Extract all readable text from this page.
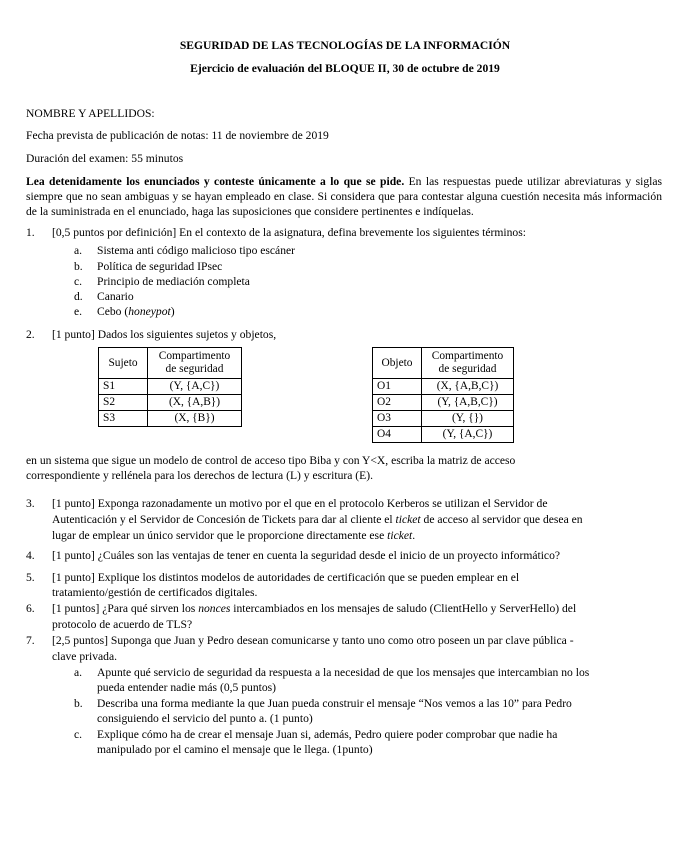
SEGURIDAD DE LAS TECNOLOGÍAS DE LA INFORMACIÓN
Ejercicio de evaluación del BLOQUE II, 30 de octubre de 2019
NOMBRE Y APELLIDOS:
Fecha prevista de publicación de notas: 11 de noviembre de 2019
Duración del examen: 55 minutos
Lea detenidamente los enunciados y conteste únicamente a lo que se pide. En las respuestas puede utilizar abreviaturas y siglas siempre que no sean ambiguas y se hayan empleado en clase. Si considera que para contestar alguna cuestión necesita más información de la suministrada en el enunciado, haga las suposiciones que considere pertinentes e indíquelas.
1. [0,5 puntos por definición] En el contexto de la asignatura, defina brevemente los siguientes términos:
a. Sistema anti código malicioso tipo escáner
b. Política de seguridad IPsec
c. Principio de mediación completa
d. Canario
e. Cebo (honeypot)
2. [1 punto] Dados los siguientes sujetos y objetos,
Sujeto	Compartimento
de seguridad
S1	(Y, {A,C})
S2	(X, {A,B})
S3	(X, {B})
Objeto	Compartimento
de seguridad
O1	(X, {A,B,C})
O2	(Y, {A,B,C})
O3	(Y, {})
O4	(Y, {A,C})
en un sistema que sigue un modelo de control de acceso tipo Biba y con Y<X, escriba la matriz de acceso
correspondiente y rellénela para los derechos de lectura (L) y escritura (E).
3. [1 punto] Exponga razonadamente un motivo por el que en el protocolo Kerberos se utilizan el Servidor de
Autenticación y el Servidor de Concesión de Tickets para dar al cliente el ticket de acceso al servidor que desea en
lugar de emplear un único servidor que le proporcione directamente ese ticket.
4. [1 punto] ¿Cuáles son las ventajas de tener en cuenta la seguridad desde el inicio de un proyecto informático?
5. [1 punto] Explique los distintos modelos de autoridades de certificación que se pueden emplear en el
tratamiento/gestión de certificados digitales.
6. [1 puntos] ¿Para qué sirven los nonces intercambiados en los mensajes de saludo (ClientHello y ServerHello) del
protocolo de acuerdo de TLS?
7. [2,5 puntos] Suponga que Juan y Pedro desean comunicarse y tanto uno como otro poseen un par clave pública -
clave privada.
a. Apunte qué servicio de seguridad da respuesta a la necesidad de que los mensajes que intercambian no los
pueda entender nadie más (0,5 puntos)
b. Describa una forma mediante la que Juan pueda construir el mensaje “Nos vemos a las 10” para Pedro
consiguiendo el servicio del punto a. (1 punto)
c. Explique cómo ha de crear el mensaje Juan si, además, Pedro quiere poder comprobar que nadie ha
manipulado por el camino el mensaje que le llega. (1punto)
